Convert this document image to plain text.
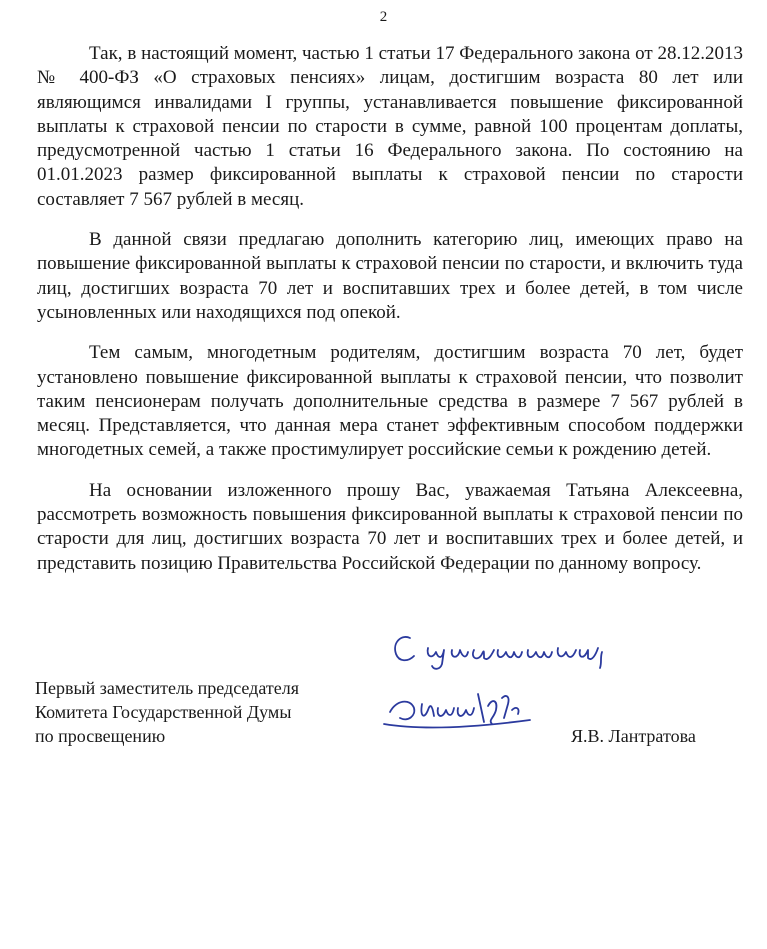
2

Так, в настоящий момент, частью 1 статьи 17 Федерального закона от 28.12.2013 № 400-ФЗ «О страховых пенсиях» лицам, достигшим возраста 80 лет или являющимся инвалидами I группы, устанавливается повышение фиксированной выплаты к страховой пенсии по старости в сумме, равной 100 процентам доплаты, предусмотренной частью 1 статьи 16 Федерального закона. По состоянию на 01.01.2023 размер фиксированной выплаты к страховой пенсии по старости составляет 7 567 рублей в месяц.

В данной связи предлагаю дополнить категорию лиц, имеющих право на повышение фиксированной выплаты к страховой пенсии по старости, и включить туда лиц, достигших возраста 70 лет и воспитавших трех и более детей, в том числе усыновленных или находящихся под опекой.

Тем самым, многодетным родителям, достигшим возраста 70 лет, будет установлено повышение фиксированной выплаты к страховой пенсии, что позволит таким пенсионерам получать дополнительные средства в размере 7 567 рублей в месяц. Представляется, что данная мера станет эффективным способом поддержки многодетных семей, а также простимулирует российские семьи к рождению детей.

На основании изложенного прошу Вас, уважаемая Татьяна Алексеевна, рассмотреть возможность повышения фиксированной выплаты к страховой пенсии по старости для лиц, достигших возраста 70 лет и воспитавших трех и более детей, и представить позицию Правительства Российской Федерации по данному вопросу.

Первый заместитель председателя
Комитета Государственной Думы
по просвещению	Я.В. Лантратова
